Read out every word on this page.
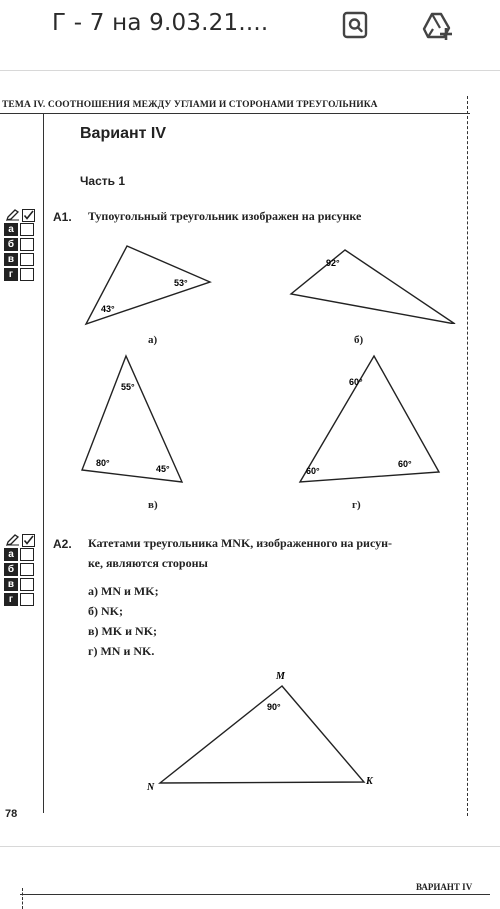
Г - 7 на 9.03.21....
ТЕМА IV. СООТНОШЕНИЯ МЕЖДУ УГЛАМИ И СТОРОНАМИ ТРЕУГОЛЬНИКА
Вариант IV
Часть 1
а
б
в
г
А1. Тупоугольный треугольник изображен на рисунке
53°
43°
а)
92°
б)
55°
80°
45°
в)
60°
60°
60°
г)
а
б
в
г
А2. Катетами треугольника MNK, изображенного на рисун-
ке, являются стороны
а) MN и MK;
б) NK;
в) MK и NK;
г) MN и NK.
M
N
K
90°
78
ВАРИАНТ IV
